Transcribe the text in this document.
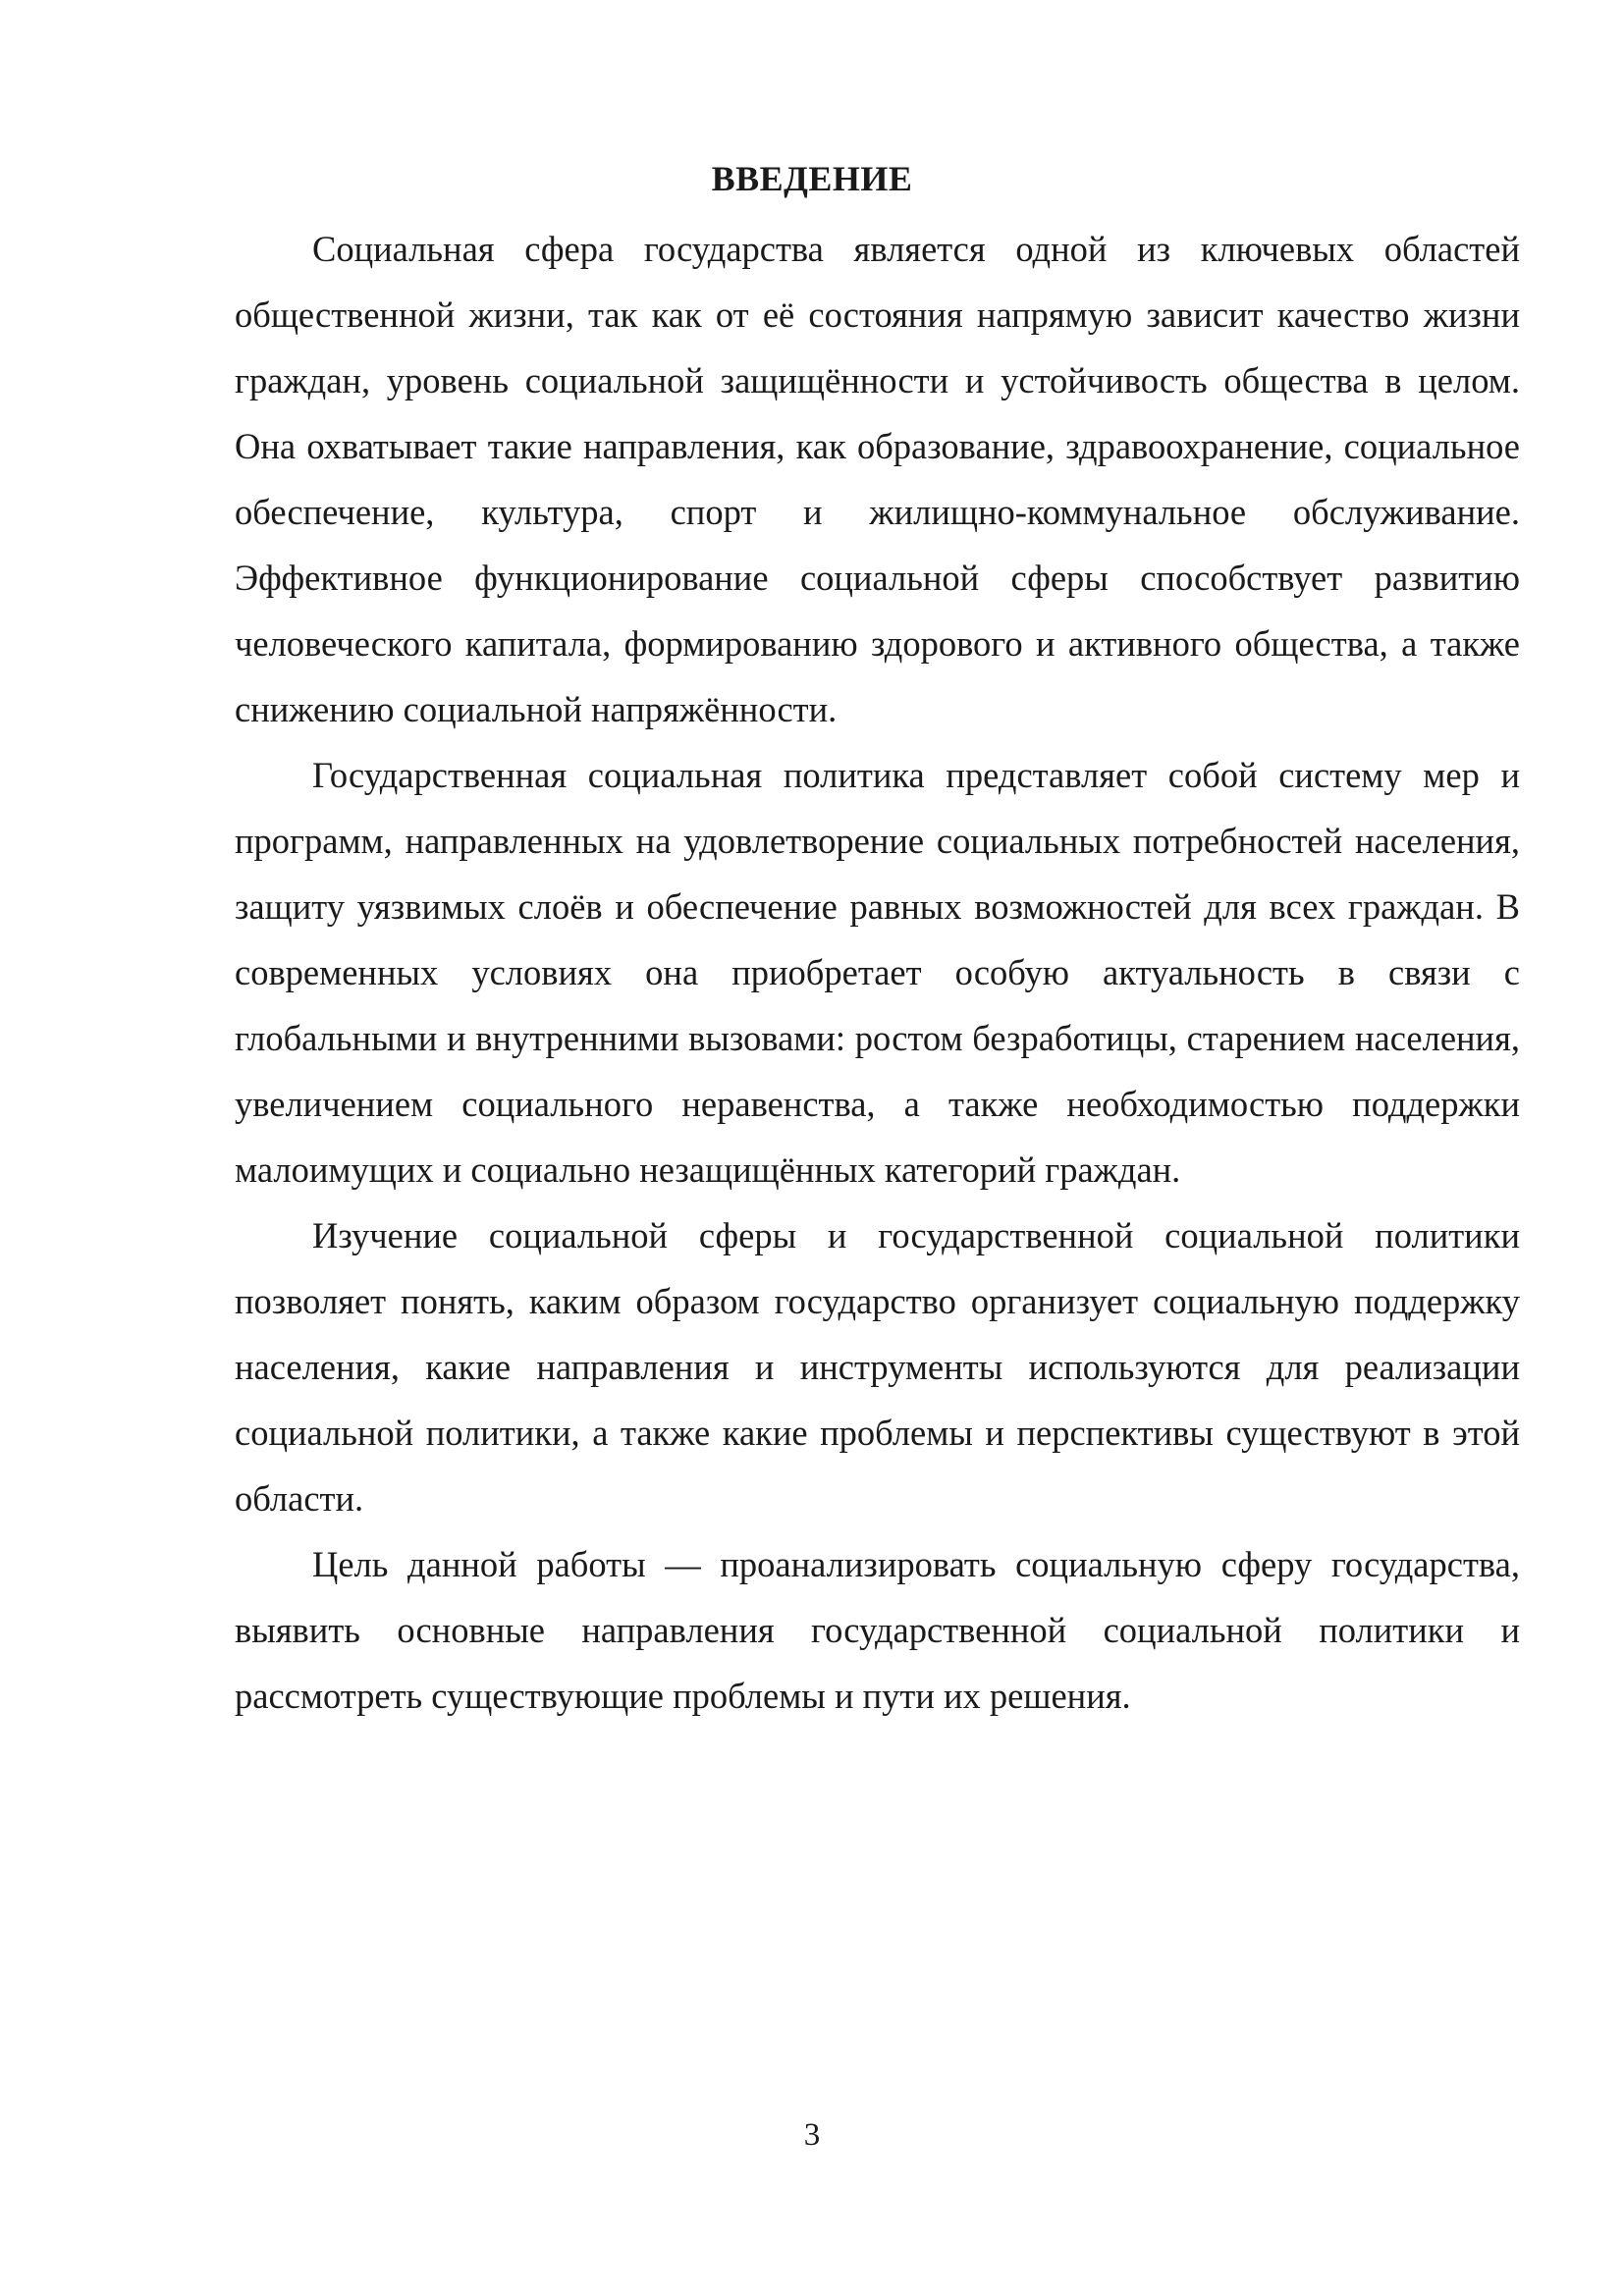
ВВЕДЕНИЕ

Социальная сфера государства является одной из ключевых областей общественной жизни, так как от её состояния напрямую зависит качество жизни граждан, уровень социальной защищённости и устойчивость общества в целом. Она охватывает такие направления, как образование, здравоохранение, социальное обеспечение, культура, спорт и жилищно-коммунальное обслуживание. Эффективное функционирование социальной сферы способствует развитию человеческого капитала, формированию здорового и активного общества, а также снижению социальной напряжённости.

Государственная социальная политика представляет собой систему мер и программ, направленных на удовлетворение социальных потребностей населения, защиту уязвимых слоёв и обеспечение равных возможностей для всех граждан. В современных условиях она приобретает особую актуальность в связи с глобальными и внутренними вызовами: ростом безработицы, старением населения, увеличением социального неравенства, а также необходимостью поддержки малоимущих и социально незащищённых категорий граждан.

Изучение социальной сферы и государственной социальной политики позволяет понять, каким образом государство организует социальную поддержку населения, какие направления и инструменты используются для реализации социальной политики, а также какие проблемы и перспективы существуют в этой области.

Цель данной работы — проанализировать социальную сферу государства, выявить основные направления государственной социальной политики и рассмотреть существующие проблемы и пути их решения.

3
